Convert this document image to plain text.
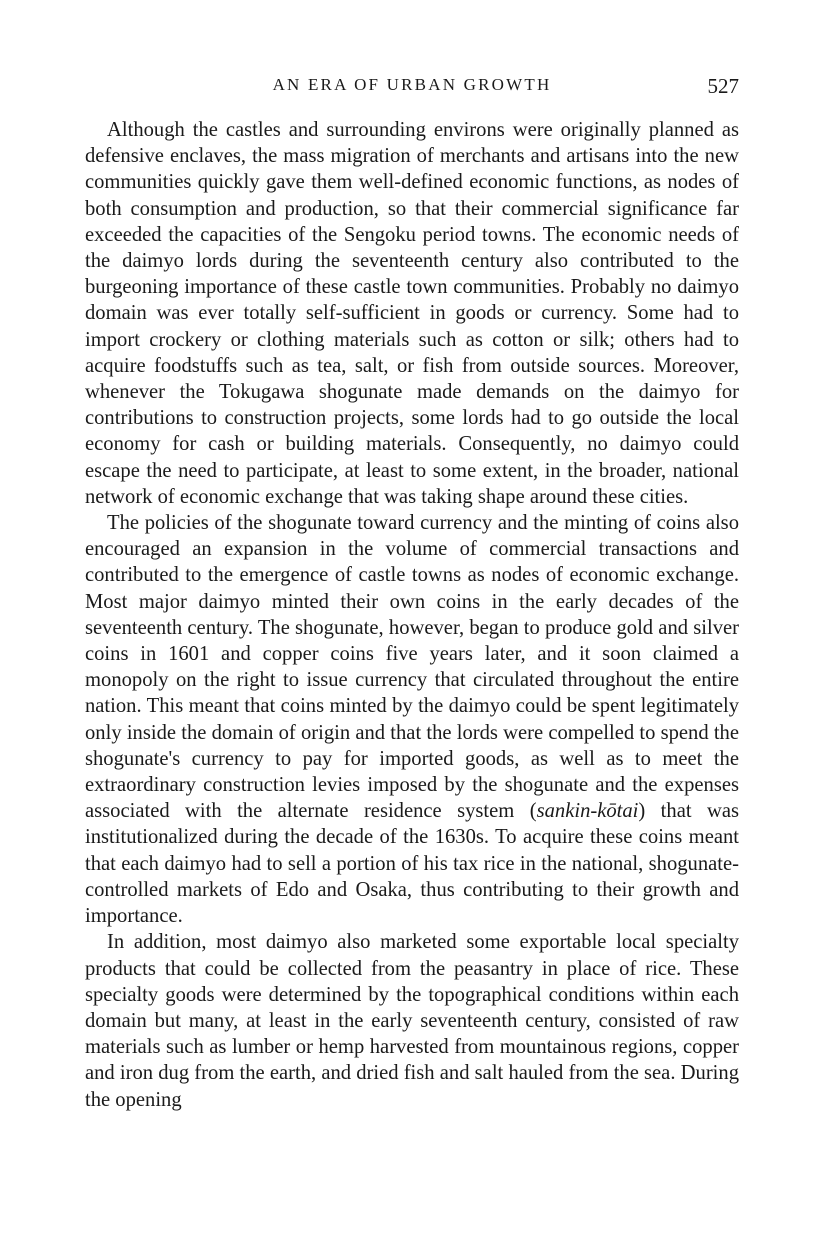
AN ERA OF URBAN GROWTH	527

Although the castles and surrounding environs were originally planned as defensive enclaves, the mass migration of merchants and artisans into the new communities quickly gave them well-defined economic functions, as nodes of both consumption and production, so that their commercial significance far exceeded the capacities of the Sengoku period towns. The economic needs of the daimyo lords during the seventeenth century also contributed to the burgeoning importance of these castle town communities. Probably no daimyo domain was ever totally self-sufficient in goods or currency. Some had to import crockery or clothing materials such as cotton or silk; others had to acquire foodstuffs such as tea, salt, or fish from outside sources. Moreover, whenever the Tokugawa shogunate made demands on the daimyo for contributions to construction projects, some lords had to go outside the local economy for cash or building materials. Consequently, no daimyo could escape the need to participate, at least to some extent, in the broader, national network of economic exchange that was taking shape around these cities.

The policies of the shogunate toward currency and the minting of coins also encouraged an expansion in the volume of commercial transactions and contributed to the emergence of castle towns as nodes of economic exchange. Most major daimyo minted their own coins in the early decades of the seventeenth century. The shogunate, however, began to produce gold and silver coins in 1601 and copper coins five years later, and it soon claimed a monopoly on the right to issue currency that circulated throughout the entire nation. This meant that coins minted by the daimyo could be spent legitimately only inside the domain of origin and that the lords were compelled to spend the shogunate's currency to pay for imported goods, as well as to meet the extraordinary construction levies imposed by the shogunate and the expenses associated with the alternate residence system (sankin-kōtai) that was institutionalized during the decade of the 1630s. To acquire these coins meant that each daimyo had to sell a portion of his tax rice in the national, shogunate-controlled markets of Edo and Osaka, thus contributing to their growth and importance.

In addition, most daimyo also marketed some exportable local specialty products that could be collected from the peasantry in place of rice. These specialty goods were determined by the topographical conditions within each domain but many, at least in the early seventeenth century, consisted of raw materials such as lumber or hemp harvested from mountainous regions, copper and iron dug from the earth, and dried fish and salt hauled from the sea. During the opening
